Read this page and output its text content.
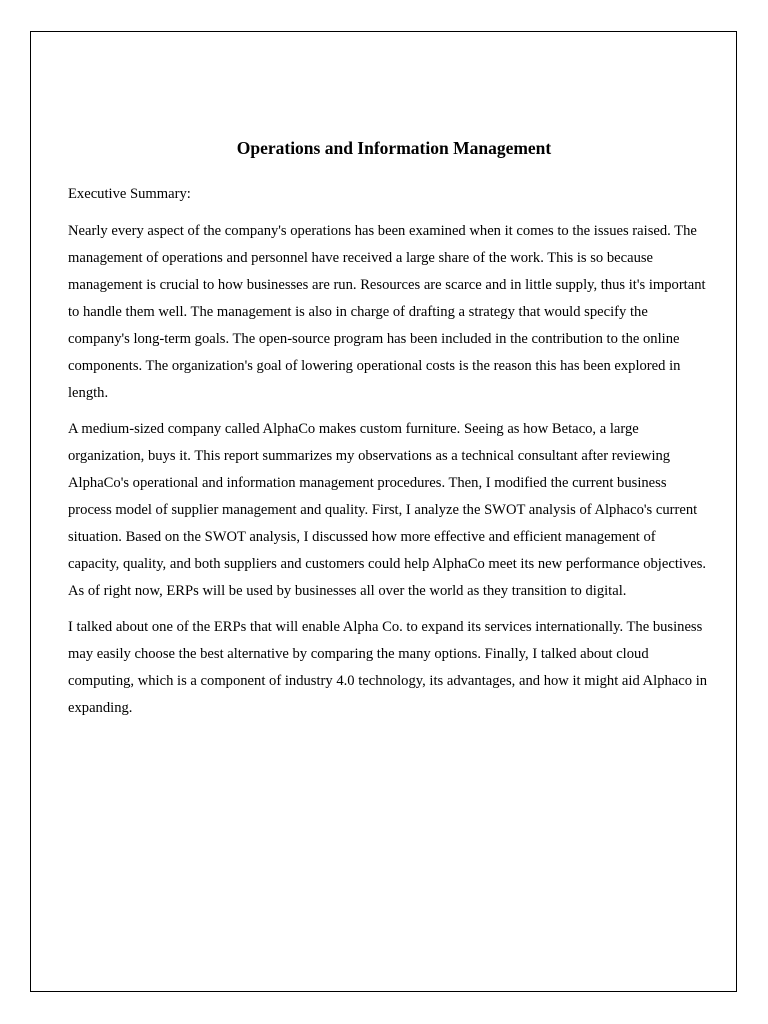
Operations and Information Management

Executive Summary:

Nearly every aspect of the company's operations has been examined when it comes to the issues raised. The management of operations and personnel have received a large share of the work. This is so because management is crucial to how businesses are run. Resources are scarce and in little supply, thus it's important to handle them well. The management is also in charge of drafting a strategy that would specify the company's long-term goals. The open-source program has been included in the contribution to the online components. The organization's goal of lowering operational costs is the reason this has been explored in length.

A medium-sized company called AlphaCo makes custom furniture. Seeing as how Betaco, a large organization, buys it. This report summarizes my observations as a technical consultant after reviewing AlphaCo's operational and information management procedures. Then, I modified the current business process model of supplier management and quality. First, I analyze the SWOT analysis of Alphaco's current situation. Based on the SWOT analysis, I discussed how more effective and efficient management of capacity, quality, and both suppliers and customers could help AlphaCo meet its new performance objectives. As of right now, ERPs will be used by businesses all over the world as they transition to digital.

I talked about one of the ERPs that will enable Alpha Co. to expand its services internationally. The business may easily choose the best alternative by comparing the many options. Finally, I talked about cloud computing, which is a component of industry 4.0 technology, its advantages, and how it might aid Alphaco in expanding.
